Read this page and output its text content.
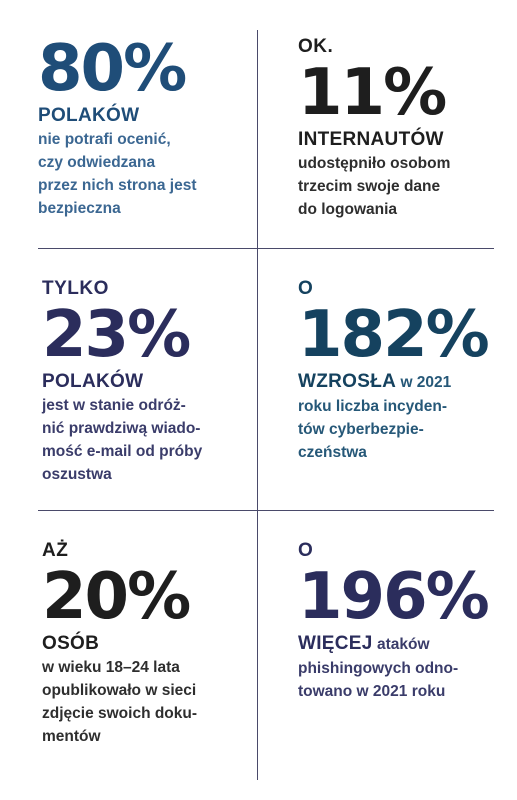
80%

POLAKÓW

nie potrafi ocenić,

czy odwiedzana

przez nich strona jest

bezpieczna

OK.

11%

INTERNAUTÓW

udostępniło osobom

trzecim swoje dane

do logowania

TYLKO

23%

POLAKÓW

jest w stanie odróż-

nić prawdziwą wiado-

mość e-mail od próby

oszustwa

O

182%

WZROSŁA w 2021

roku liczba incyden-

tów cyberbezpie-

czeństwa

AŻ

20%

OSÓB

w wieku 18–24 lata

opublikowało w sieci

zdjęcie swoich doku-

mentów

O

196%

WIĘCEJ ataków

phishingowych odno-

towano w 2021 roku
